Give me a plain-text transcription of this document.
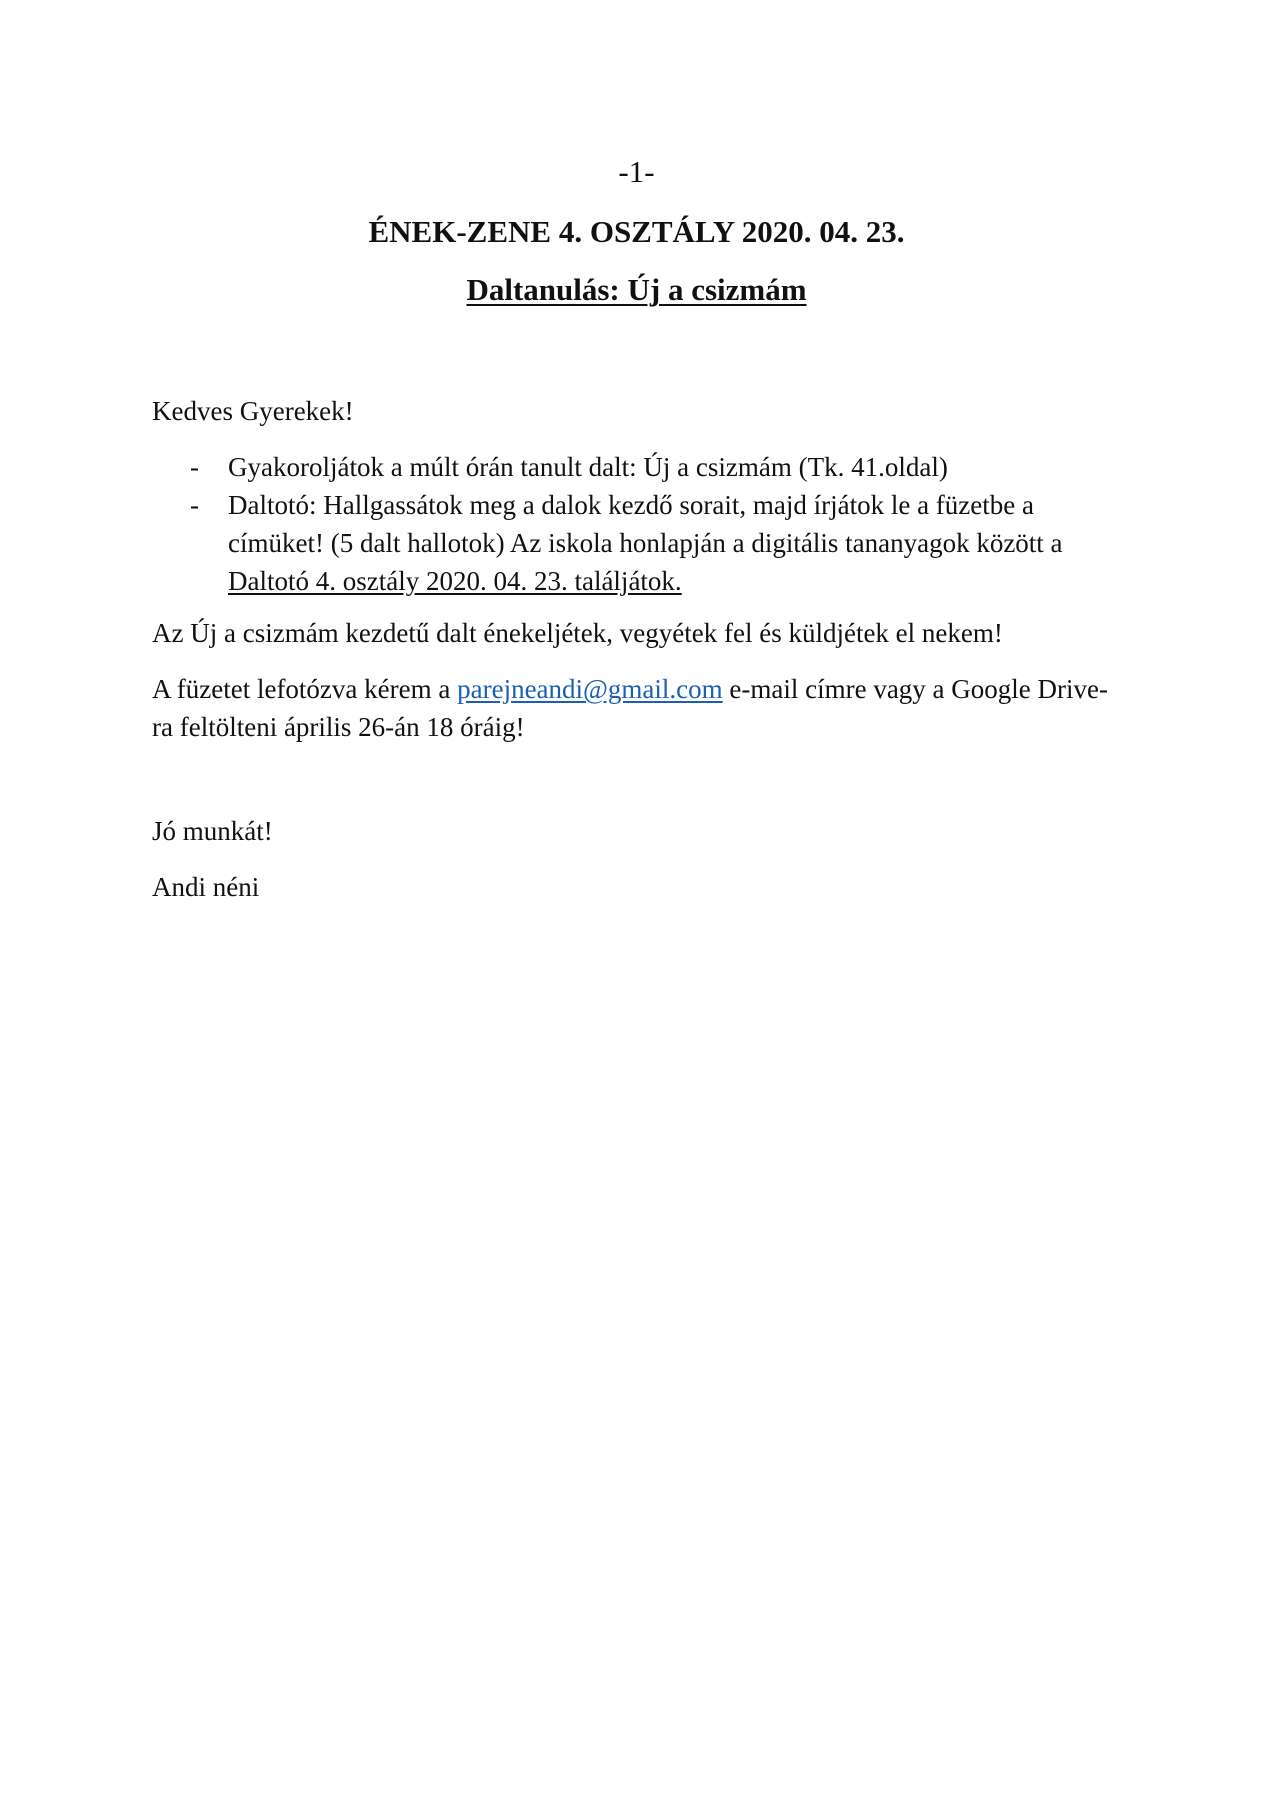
-1-
ÉNEK-ZENE 4. OSZTÁLY 2020. 04. 23.
Daltanulás: Új a csizmám
Kedves Gyerekek!
- Gyakoroljátok a múlt órán tanult dalt: Új a csizmám (Tk. 41.oldal)
- Daltotó: Hallgassátok meg a dalok kezdő sorait, majd írjátok le a füzetbe a címüket! (5 dalt hallotok) Az iskola honlapján a digitális tananyagok között a Daltotó 4. osztály 2020. 04. 23. találjátok.
Az Új a csizmám kezdetű dalt énekeljétek, vegyétek fel és küldjétek el nekem!
A füzetet lefotózva kérem a parejneandi@gmail.com e-mail címre vagy a Google Drive-ra feltölteni április 26-án 18 óráig!
Jó munkát!
Andi néni
